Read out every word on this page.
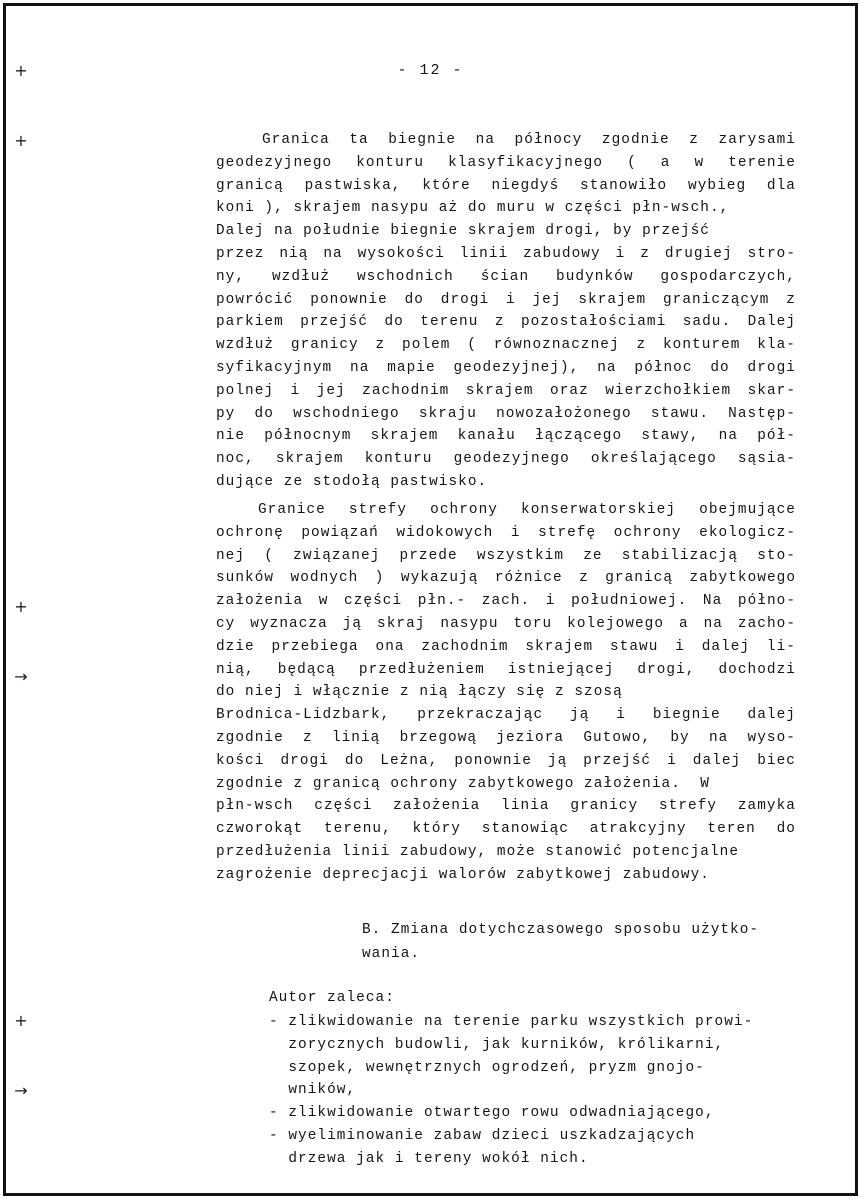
+
+
+
→
+
→
- 12 -
Granica ta biegnie na północy zgodnie z zarysami
geodezyjnego konturu klasyfikacyjnego ( a w terenie
granicą pastwiska, które niegdyś stanowiło wybieg dla
koni ), skrajem nasypu aż do muru w części płn-wsch.,
Dalej na południe biegnie skrajem drogi, by przejść
przez nią na wysokości linii zabudowy i z drugiej stro-
ny, wzdłuż wschodnich ścian budynków gospodarczych,
powrócić ponownie do drogi i jej skrajem graniczącym z
parkiem przejść do terenu z pozostałościami sadu. Dalej
wzdłuż granicy z polem ( równoznacznej z konturem kla-
syfikacyjnym na mapie geodezyjnej), na północ do drogi
polnej i jej zachodnim skrajem oraz wierzchołkiem skar-
py do wschodniego skraju nowozałożonego stawu. Następ-
nie północnym skrajem kanału łączącego stawy, na pół-
noc, skrajem konturu geodezyjnego określającego sąsia-
dujące ze stodołą pastwisko.
Granice strefy ochrony konserwatorskiej obejmujące
ochronę powiązań widokowych i strefę ochrony ekologicz-
nej ( związanej przede wszystkim ze stabilizacją sto-
sunków wodnych ) wykazują różnice z granicą zabytkowego
założenia w części płn.- zach. i południowej. Na półno-
cy wyznacza ją skraj nasypu toru kolejowego a na zacho-
dzie przebiega ona zachodnim skrajem stawu i dalej li-
nią, będącą przedłużeniem istniejącej drogi, dochodzi
do niej i włącznie z nią łączy się z szosą
Brodnica-Lidzbark, przekraczając ją i biegnie dalej
zgodnie z linią brzegową jeziora Gutowo, by na wyso-
kości drogi do Leżna, ponownie ją przejść i dalej biec
zgodnie z granicą ochrony zabytkowego założenia.  W
płn-wsch części założenia linia granicy strefy zamyka
czworokąt terenu, który stanowiąc atrakcyjny teren do
przedłużenia linii zabudowy, może stanowić potencjalne
zagrożenie deprecjacji walorów zabytkowej zabudowy.
B. Zmiana dotychczasowego sposobu użytko-
wania.
Autor zaleca:
- zlikwidowanie na terenie parku wszystkich prowi-
zorycznych budowli, jak kurników, królikarni,
szopek, wewnętrznych ogrodzeń, pryzm gnojo-
wników,
- zlikwidowanie otwartego rowu odwadniającego,
- wyeliminowanie zabaw dzieci uszkadzających
drzewa jak i tereny wokół nich.
